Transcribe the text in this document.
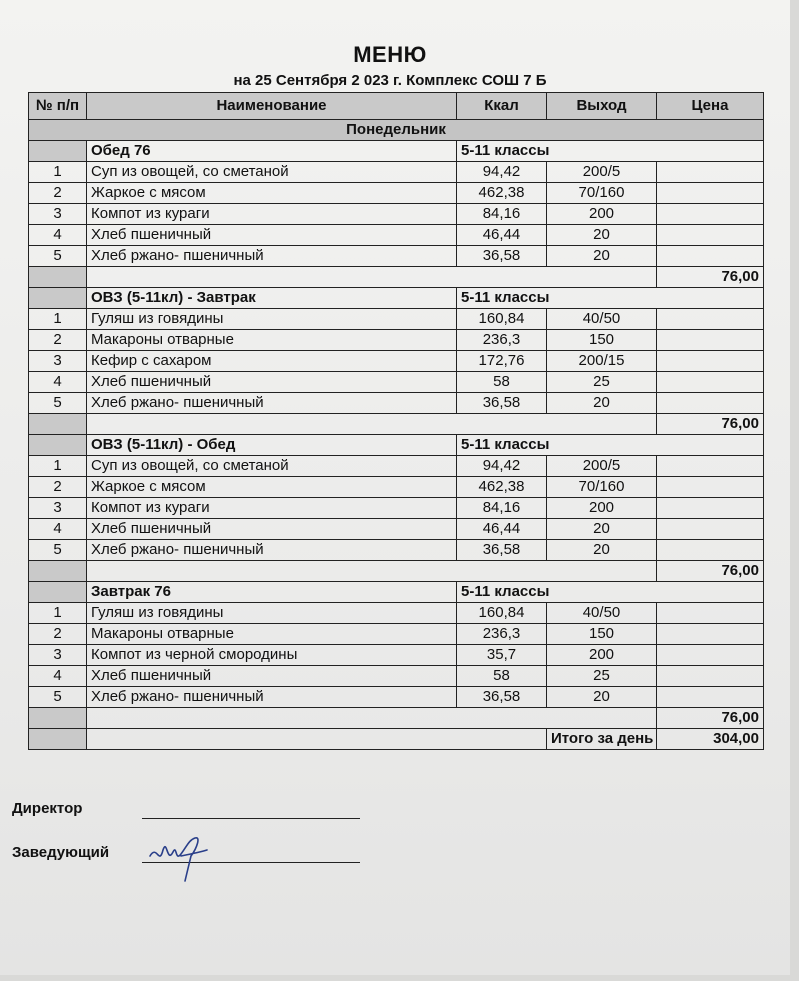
МЕНЮ
на 25 Сентября 2 023 г. Комплекс СОШ 7 Б
№ п/п	Наименование	Ккал	Выход	Цена
Понедельник				
	Обед 76	5-11 классы		
1	Суп из овощей, со сметаной	94,42	200/5	
2	Жаркое с мясом	462,38	70/160	
3	Компот из кураги	84,16	200	
4	Хлеб пшеничный	46,44	20	
5	Хлеб ржано- пшеничный	36,58	20	
				76,00
	ОВЗ (5-11кл) - Завтрак	5-11 классы		
1	Гуляш из говядины	160,84	40/50	
2	Макароны отварные	236,3	150	
3	Кефир с сахаром	172,76	200/15	
4	Хлеб пшеничный	58	25	
5	Хлеб ржано- пшеничный	36,58	20	
				76,00
	ОВЗ (5-11кл) - Обед	5-11 классы		
1	Суп из овощей, со сметаной	94,42	200/5	
2	Жаркое с мясом	462,38	70/160	
3	Компот из кураги	84,16	200	
4	Хлеб пшеничный	46,44	20	
5	Хлеб ржано- пшеничный	36,58	20	
				76,00
	Завтрак 76	5-11 классы		
1	Гуляш из говядины	160,84	40/50	
2	Макароны отварные	236,3	150	
3	Компот из черной смородины	35,7	200	
4	Хлеб пшеничный	58	25	
5	Хлеб ржано- пшеничный	36,58	20	
				76,00
			Итого за день	304,00
Директор
Заведующий
